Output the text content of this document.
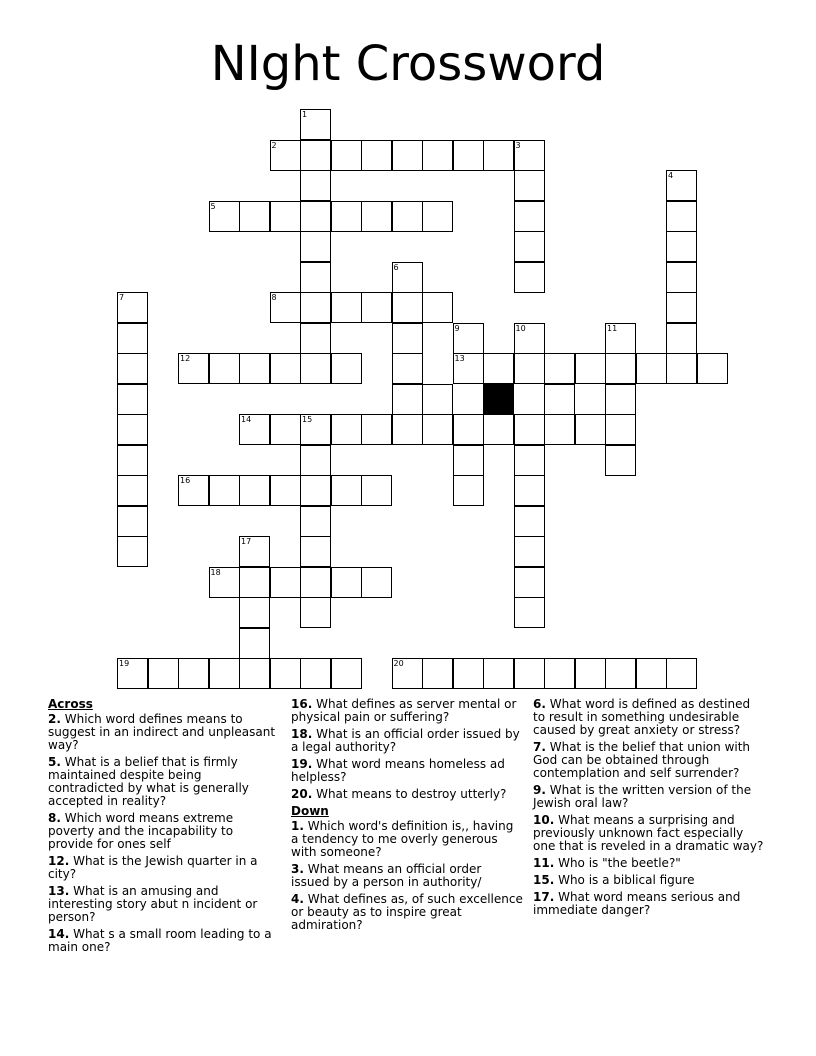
NIght Crossword
1
2	3
4
5
6
7	8
9	10	11
12	13
14	15
16
17
18
19	20

Across

2. Which word defines means to suggest in an indirect and unpleasant way?

5. What is a belief that is firmly maintained despite being contradicted by what is generally accepted in reality?

8. Which word means extreme poverty and the incapability to provide for ones self

12. What is the Jewish quarter in a city?

13. What is an amusing and interesting story abut n incident or person?

14. What s a small room leading to a main one?

16. What defines as server mental or physical pain or suffering?

18. What is an official order issued by a legal authority?

19. What word means homeless ad helpless?

20. What means to destroy utterly?

Down

1. Which word's definition is,, having a tendency to me overly generous with someone?

3. What means an official order issued by a person in authority/

4. What defines as, of such excellence or beauty as to inspire great admiration?

6. What word is defined as destined to result in something undesirable caused by great anxiety or stress?

7. What is the belief that union with God can be obtained through contemplation and self surrender?

9. What is the written version of the Jewish oral law?

10. What means a surprising and previously unknown fact especially one that is reveled in a dramatic way?

11. Who is "the beetle?"

15. Who is a biblical figure

17. What word means serious and immediate danger?
